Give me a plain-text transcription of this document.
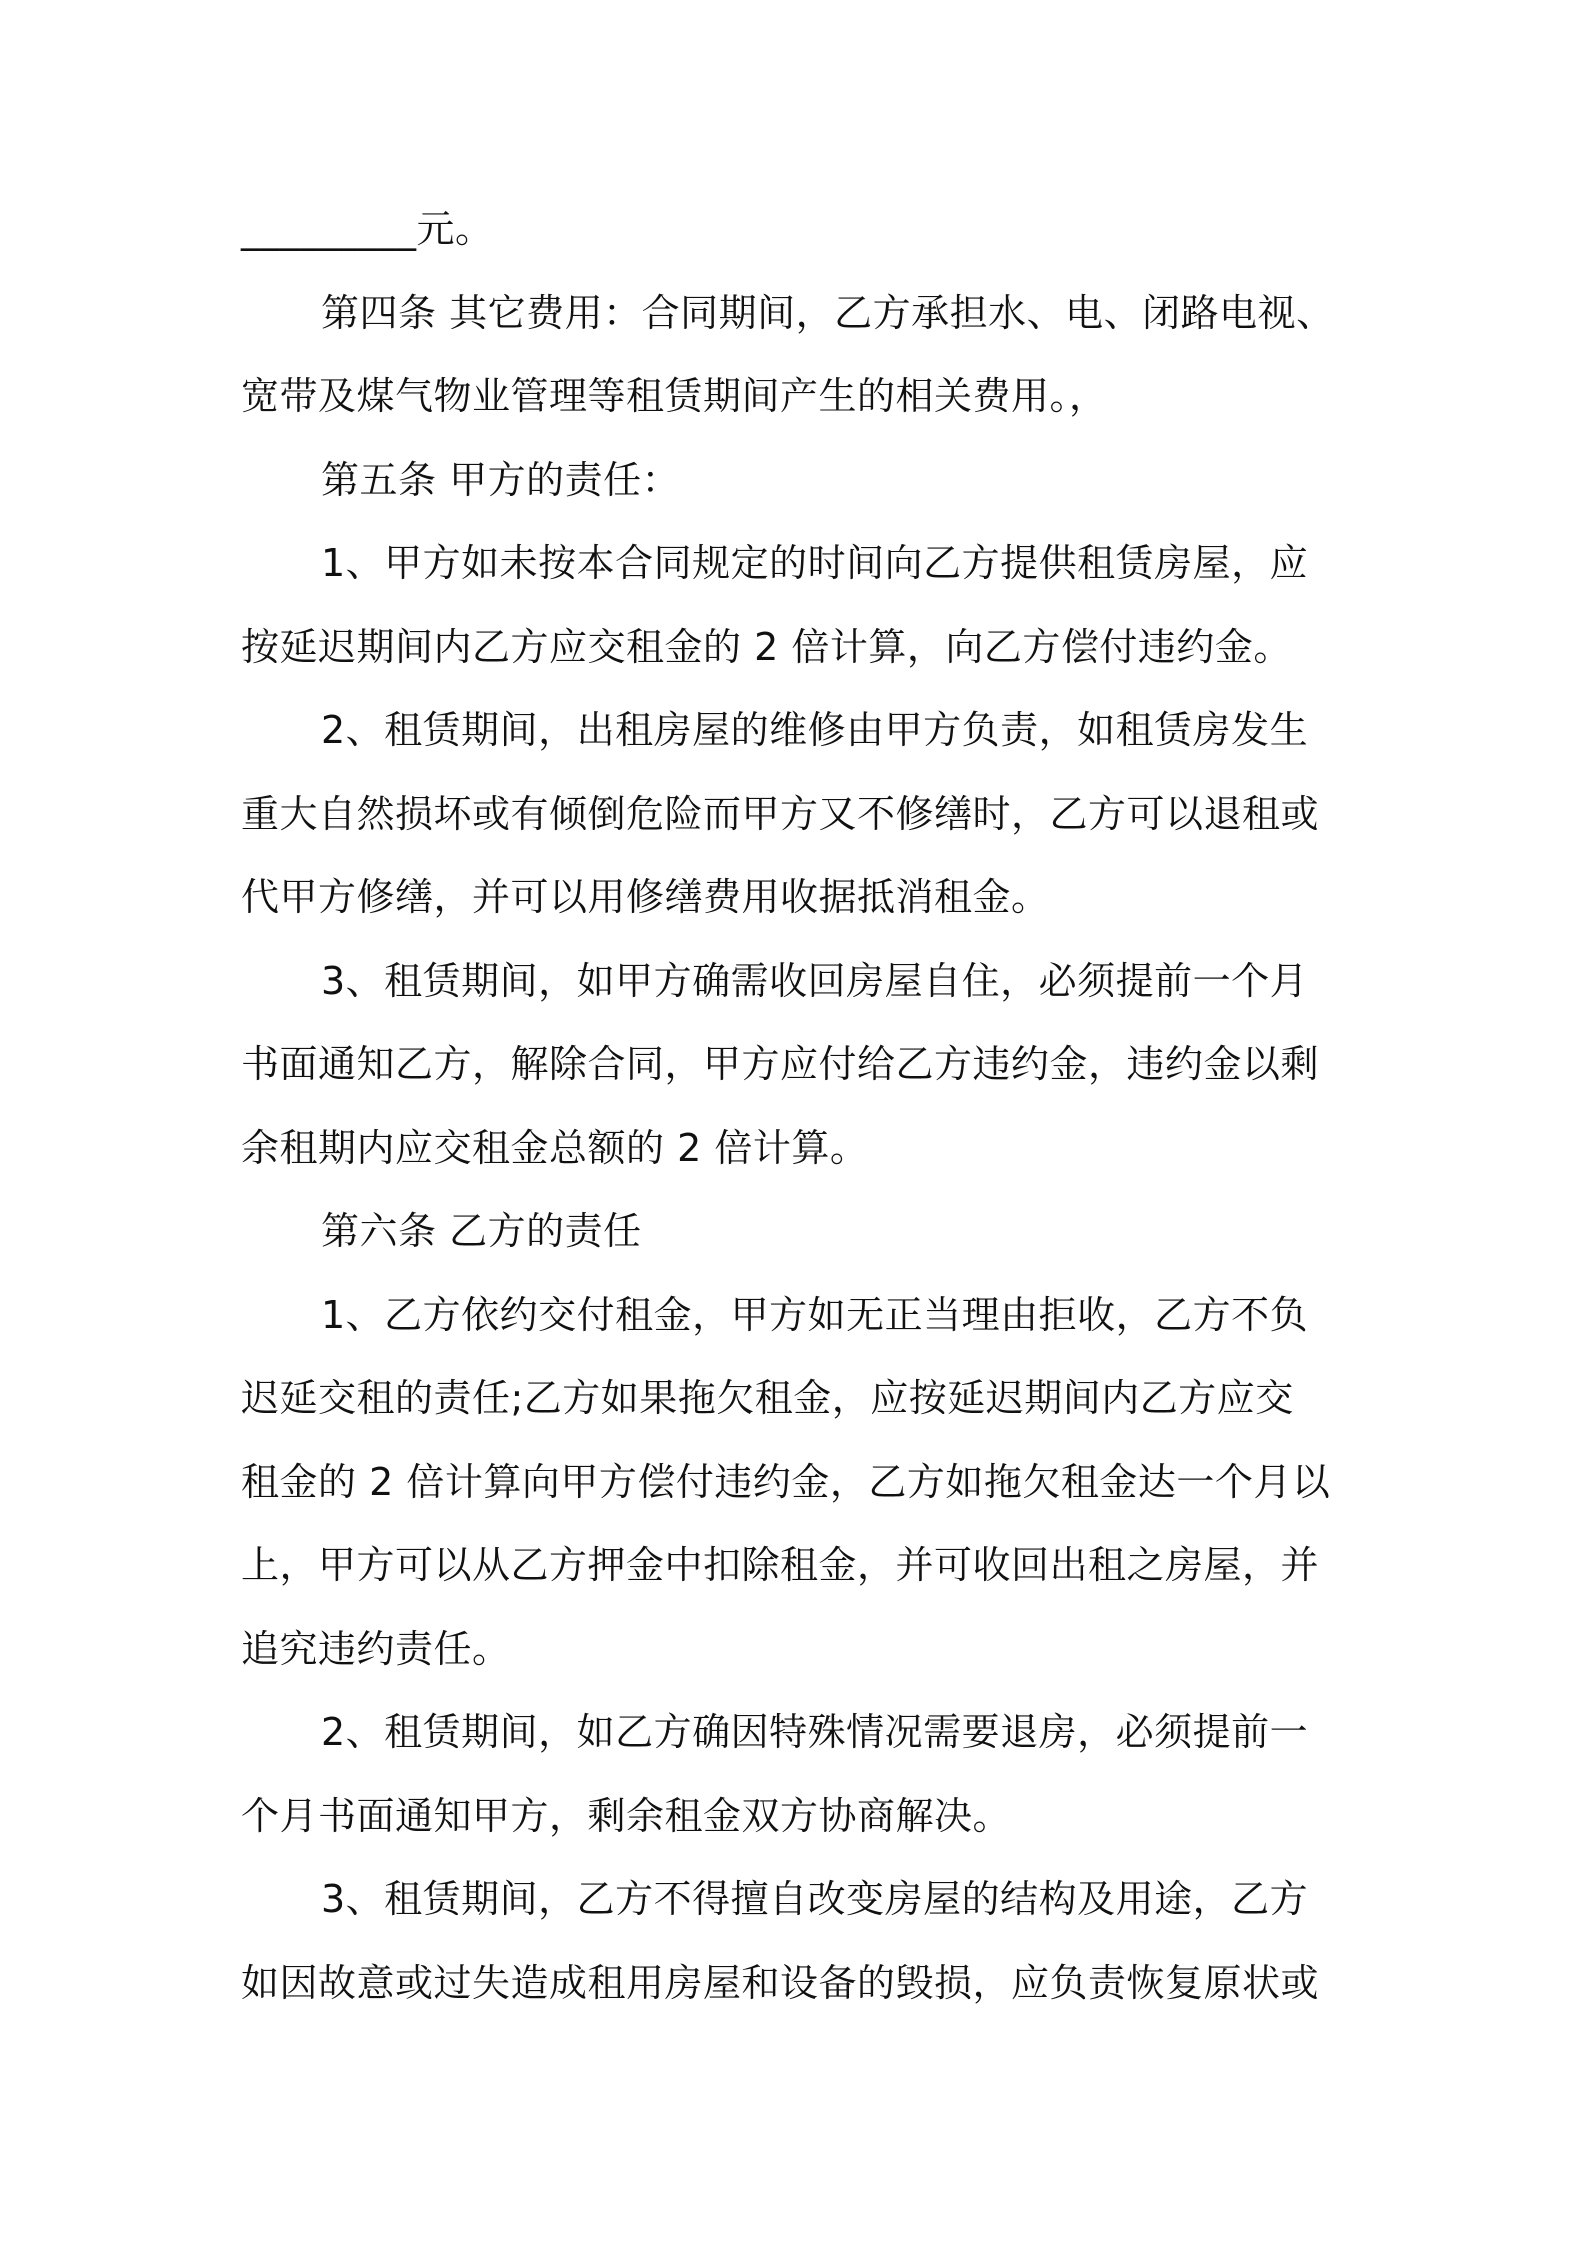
_________元。
第四条 其它费用：合同期间，乙方承担水、电、闭路电视、
宽带及煤气物业管理等租赁期间产生的相关费用。，
第五条 甲方的责任：
1、甲方如未按本合同规定的时间向乙方提供租赁房屋，应
按延迟期间内乙方应交租金的 2 倍计算，向乙方偿付违约金。
2、租赁期间，出租房屋的维修由甲方负责，如租赁房发生
重大自然损坏或有倾倒危险而甲方又不修缮时，乙方可以退租或
代甲方修缮，并可以用修缮费用收据抵消租金。
3、租赁期间，如甲方确需收回房屋自住，必须提前一个月
书面通知乙方，解除合同，甲方应付给乙方违约金，违约金以剩
余租期内应交租金总额的 2 倍计算。
第六条 乙方的责任
1、乙方依约交付租金，甲方如无正当理由拒收，乙方不负
迟延交租的责任;乙方如果拖欠租金，应按延迟期间内乙方应交
租金的 2 倍计算向甲方偿付违约金，乙方如拖欠租金达一个月以
上，甲方可以从乙方押金中扣除租金，并可收回出租之房屋，并
追究违约责任。
2、租赁期间，如乙方确因特殊情况需要退房，必须提前一
个月书面通知甲方，剩余租金双方协商解决。
3、租赁期间，乙方不得擅自改变房屋的结构及用途，乙方
如因故意或过失造成租用房屋和设备的毁损，应负责恢复原状或
